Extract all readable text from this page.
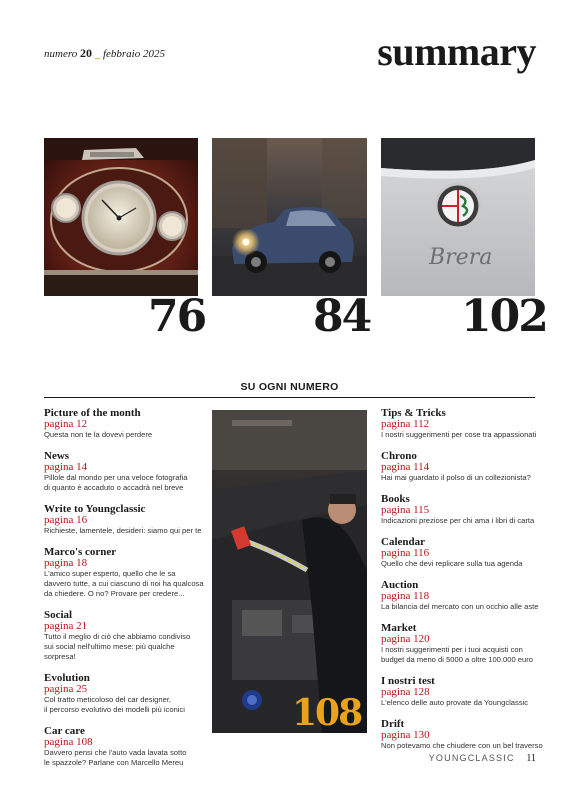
numero 20 _ febbraio 2025	summary
Brera
76 84 102
SU OGNI NUMERO
Picture of the month
pagina 12
Questa non te la dovevi perdere
News
pagina 14
Pillole dal mondo per una veloce fotografia
di quanto è accaduto o accadrà nel breve
Write to Youngclassic
pagina 16
Richieste, lamentele, desideri: siamo qui per te
Marco's corner
pagina 18
L'amico super esperto, quello che le sa
davvero tutte, a cui ciascuno di noi ha qualcosa
da chiedere. O no? Provare per credere...
Social
pagina 21
Tutto il meglio di ciò che abbiamo condiviso
sui social nell'ultimo mese: più qualche sorpresa!
Evolution
pagina 25
Col tratto meticoloso del car designer,
il percorso evolutivo dei modelli più iconici
Car care
pagina 108
Davvero pensi che l'auto vada lavata sotto
le spazzole? Parlane con Marcello Mereu
108
Tips & Tricks
pagina 112
I nostri suggerimenti per cose tra appassionati
Chrono
pagina 114
Hai mai guardato il polso di un collezionista?
Books
pagina 115
Indicazioni preziose per chi ama i libri di carta
Calendar
pagina 116
Quello che devi replicare sulla tua agenda
Auction
pagina 118
La bilancia del mercato con un occhio alle aste
Market
pagina 120
I nostri suggerimenti per i tuoi acquisti con
budget da meno di 5000 a oltre 100.000 euro
I nostri test
pagina 128
L'elenco delle auto provate da Youngclassic
Drift
pagina 130
Non potevamo che chiudere con un bel traverso
YOUNGCLASSIC 11
